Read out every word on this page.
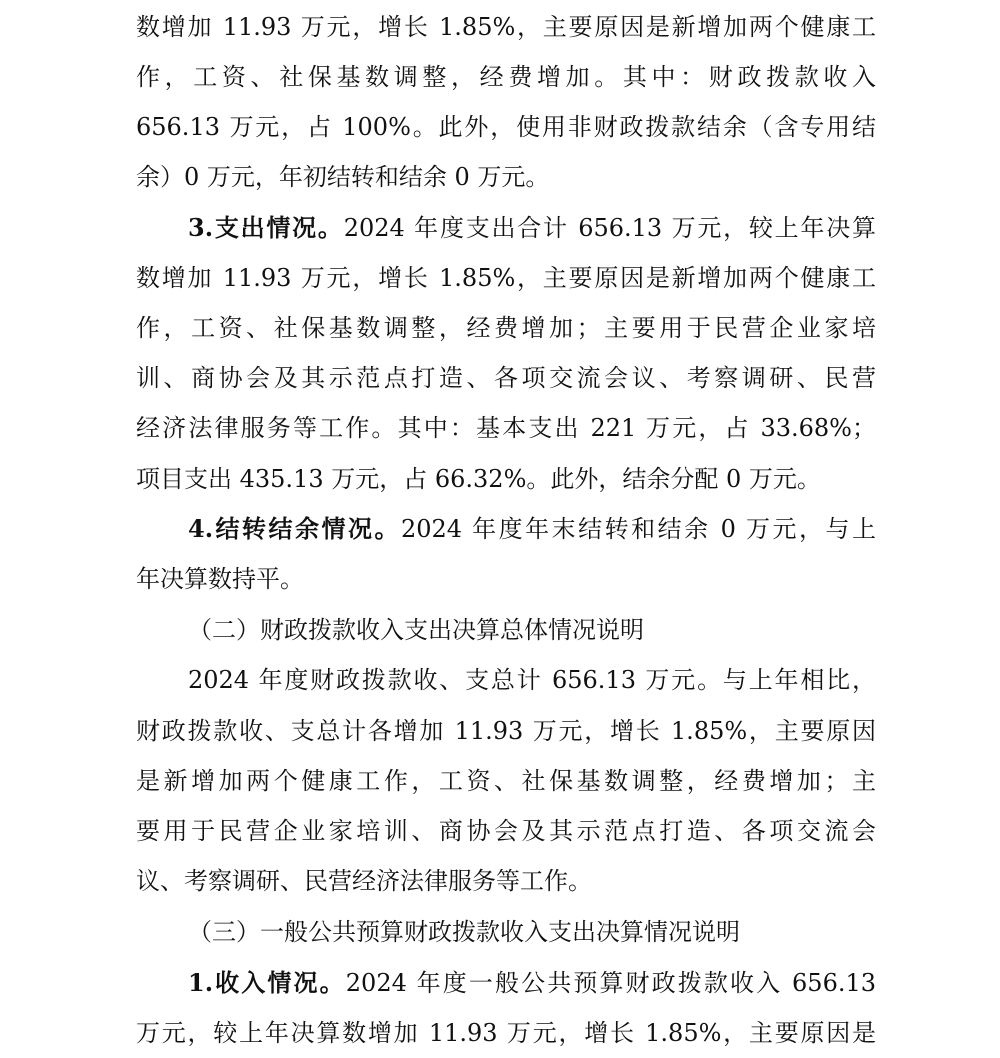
数增加 11.93 万元，增长 1.85%，主要原因是新增加两个健康工
作，工资、社保基数调整，经费增加。其中：财政拨款收入
656.13 万元，占 100%。此外，使用非财政拨款结余（含专用结
余）0 万元，年初结转和结余 0 万元。
3.支出情况。2024 年度支出合计 656.13 万元，较上年决算
数增加 11.93 万元，增长 1.85%，主要原因是新增加两个健康工
作，工资、社保基数调整，经费增加；主要用于民营企业家培
训、商协会及其示范点打造、各项交流会议、考察调研、民营
经济法律服务等工作。其中：基本支出 221 万元，占 33.68%；
项目支出 435.13 万元，占 66.32%。此外，结余分配 0 万元。
4.结转结余情况。2024 年度年末结转和结余 0 万元，与上
年决算数持平。
（二）财政拨款收入支出决算总体情况说明
2024 年度财政拨款收、支总计 656.13 万元。与上年相比，
财政拨款收、支总计各增加 11.93 万元，增长 1.85%，主要原因
是新增加两个健康工作，工资、社保基数调整，经费增加；主
要用于民营企业家培训、商协会及其示范点打造、各项交流会
议、考察调研、民营经济法律服务等工作。
（三）一般公共预算财政拨款收入支出决算情况说明
1.收入情况。2024 年度一般公共预算财政拨款收入 656.13
万元，较上年决算数增加 11.93 万元，增长 1.85%，主要原因是
